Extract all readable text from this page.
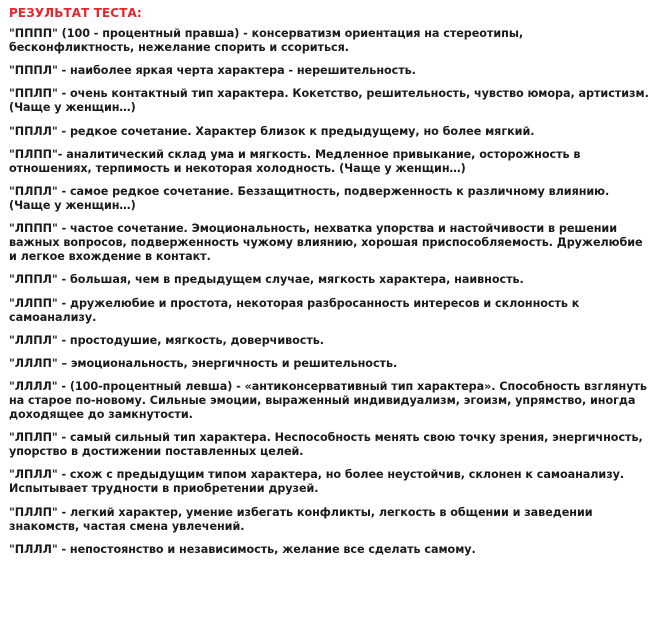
РЕЗУЛЬТАТ ТЕСТА:
"ПППП" (100 - процентный правша) - консерватизм ориентация на стереотипы, бесконфликтность, нежелание спорить и ссориться.
"ПППЛ" - наиболее яркая черта характера - нерешительность.
"ППЛП" - очень контактный тип характера. Кокетство, решительность, чувство юмора, артистизм. (Чаще у женщин…)
"ППЛЛ" - редкое сочетание. Характер близок к предыдущему, но более мягкий.
"ПЛПП"- аналитический склад ума и мягкость. Медленное привыкание, осторожность в отношениях, терпимость и некоторая холодность. (Чаще у женщин…)
"ПЛПЛ" - самое редкое сочетание. Беззащитность, подверженность к различному влиянию. (Чаще у женщин…)
"ЛППП" - частое сочетание. Эмоциональность, нехватка упорства и настойчивости в решении важных вопросов, подверженность чужому влиянию, хорошая приспособляемость. Дружелюбие и легкое вхождение в контакт.
"ЛППЛ" - большая, чем в предыдущем случае, мягкость характера, наивность.
"ЛЛПП" - дружелюбие и простота, некоторая разбросанность интересов и склонность к самоанализу.
"ЛЛПЛ" - простодушие, мягкость, доверчивость.
"ЛЛЛП" – эмоциональность, энергичность и решительность.
"ЛЛЛЛ" - (100-процентный левша) - «антиконсервативный тип характера». Способность взглянуть на старое по-новому. Сильные эмоции, выраженный индивидуализм, эгоизм, упрямство, иногда доходящее до замкнутости.
"ЛПЛП" - самый сильный тип характера. Неспособность менять свою точку зрения, энергичность, упорство в достижении поставленных целей.
"ЛПЛЛ" - схож с предыдущим типом характера, но более неустойчив, склонен к самоанализу. Испытывает трудности в приобретении друзей.
"ПЛЛП" - легкий характер, умение избегать конфликты, легкость в общении и заведении знакомств, частая смена увлечений.
"ПЛЛЛ" - непостоянство и независимость, желание все сделать самому.
